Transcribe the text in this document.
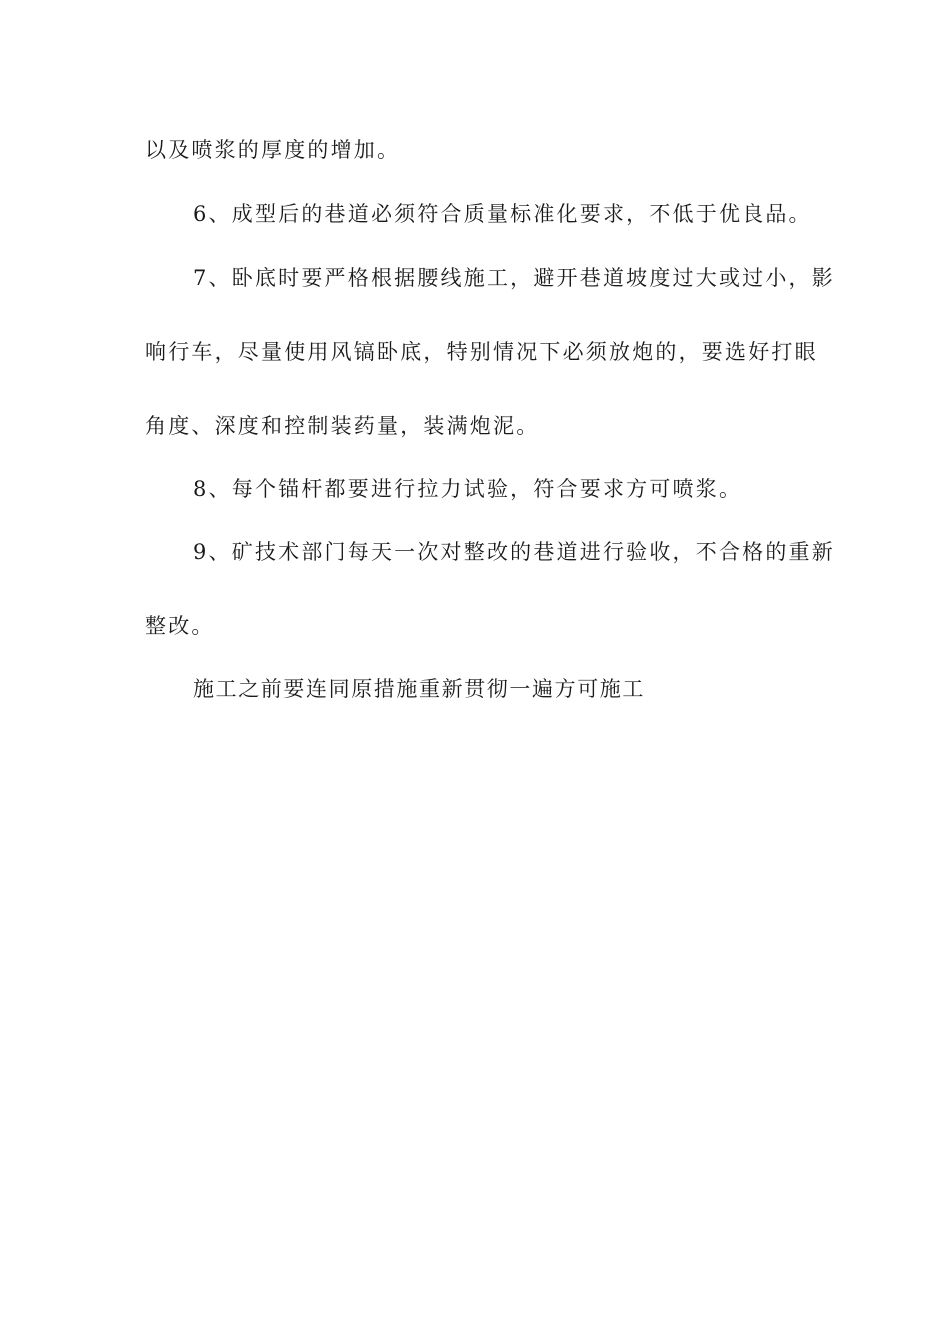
以及喷浆的厚度的增加。
6、成型后的巷道必须符合质量标准化要求，不低于优良品。
7、卧底时要严格根据腰线施工，避开巷道坡度过大或过小，影
响行车，尽量使用风镐卧底，特别情况下必须放炮的，要选好打眼
角度、深度和控制装药量，装满炮泥。
8、每个锚杆都要进行拉力试验，符合要求方可喷浆。
9、矿技术部门每天一次对整改的巷道进行验收，不合格的重新
整改。
施工之前要连同原措施重新贯彻一遍方可施工
